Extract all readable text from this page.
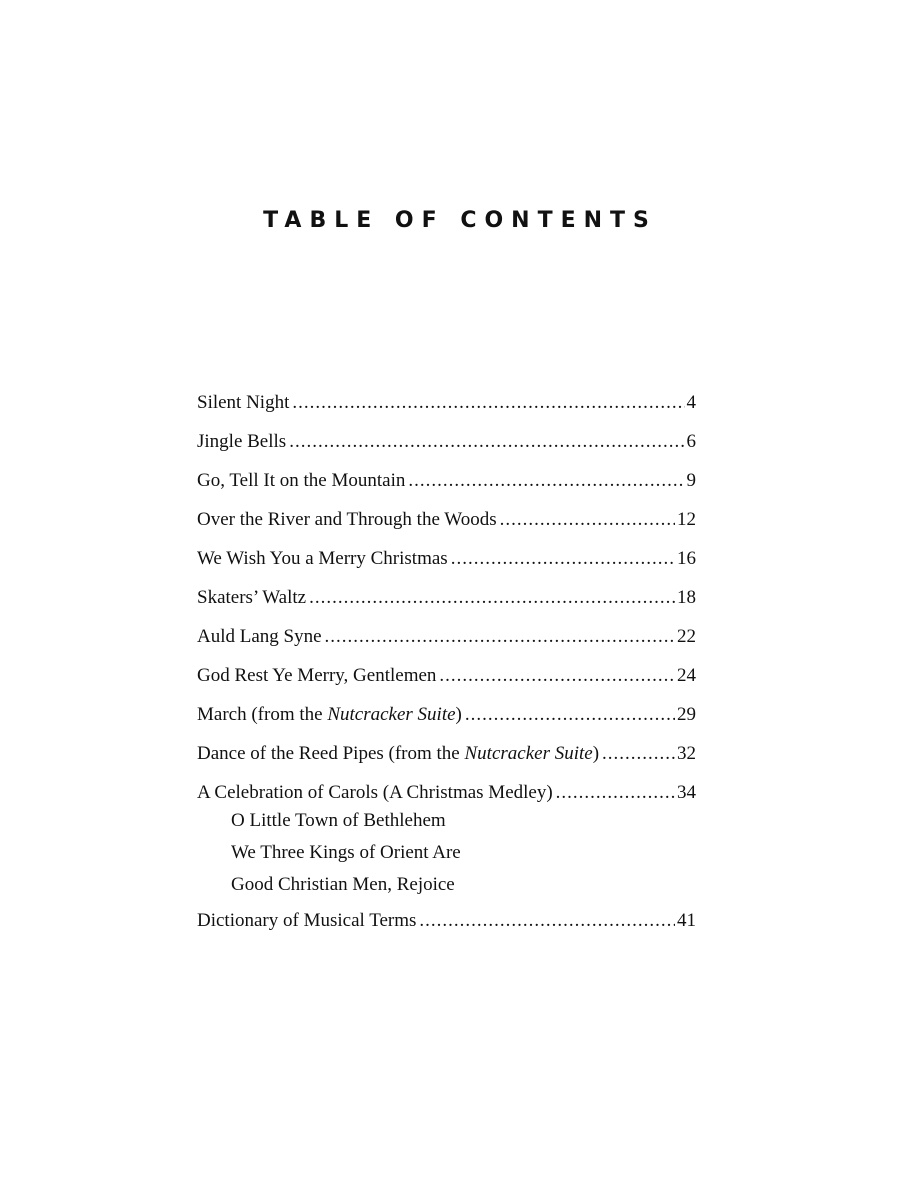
TABLE OF CONTENTS
Silent Night .....	4
Jingle Bells .....	6
Go, Tell It on the Mountain .....	9
Over the River and Through the Woods .....	12
We Wish You a Merry Christmas .....	16
Skaters’ Waltz .....	18
Auld Lang Syne .....	22
God Rest Ye Merry, Gentlemen .....	24
March (from the Nutcracker Suite) .....	29
Dance of the Reed Pipes (from the Nutcracker Suite) .....	32
A Celebration of Carols (A Christmas Medley) .....	34
O Little Town of Bethlehem
We Three Kings of Orient Are
Good Christian Men, Rejoice
Dictionary of Musical Terms .....	41
